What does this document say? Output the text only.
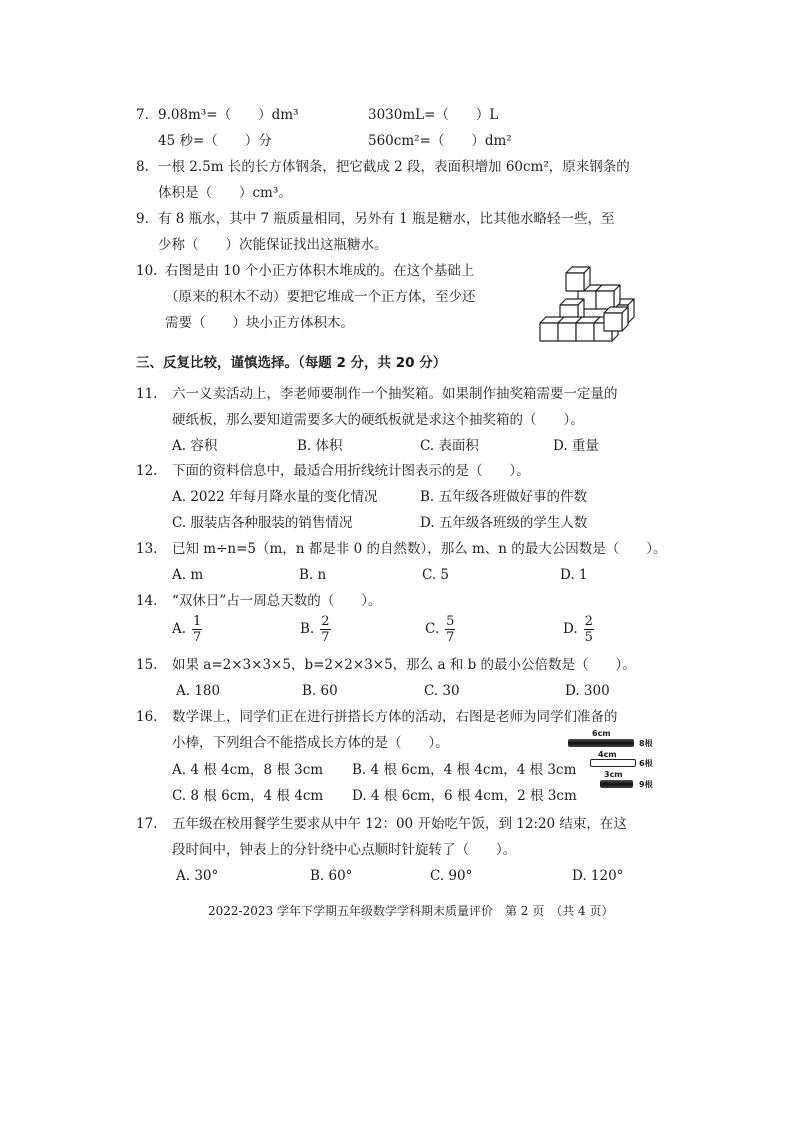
7. 9.08m³=（　　）dm³	3030mL=（　　）L
45 秒=（　　）分	560cm²=（　　）dm²
8. 一根 2.5m 长的长方体钢条，把它截成 2 段，表面积增加 60cm²，原来钢条的
体积是（　　）cm³。
9. 有 8 瓶水，其中 7 瓶质量相同，另外有 1 瓶是糖水，比其他水略轻一些，至
少称（　　）次能保证找出这瓶糖水。
10. 右图是由 10 个小正方体积木堆成的。在这个基础上
（原来的积木不动）要把它堆成一个正方体，至少还
需要（　　）块小正方体积木。
三、反复比较，谨慎选择。（每题 2 分，共 20 分）
11. 六一义卖活动上，李老师要制作一个抽奖箱。如果制作抽奖箱需要一定量的
硬纸板，那么要知道需要多大的硬纸板就是求这个抽奖箱的（　　）。
A. 容积	B. 体积	C. 表面积	D. 重量
12. 下面的资料信息中，最适合用折线统计图表示的是（　　）。
A. 2022 年每月降水量的变化情况	B. 五年级各班做好事的件数
C. 服装店各种服装的销售情况	D. 五年级各班级的学生人数
13. 已知 m÷n=5（m，n 都是非 0 的自然数），那么 m、n 的最大公因数是（　　）。
A. m	B. n	C. 5	D. 1
14. “双休日”占一周总天数的（　　）。
A. $\frac{1}{7}$	B. $\frac{2}{7}$	C. $\frac{5}{7}$	D. $\frac{2}{5}$
15. 如果 a=2×3×3×5，b=2×2×3×5，那么 a 和 b 的最小公倍数是（　　）。
A. 180	B. 60	C. 30	D. 300
16. 数学课上，同学们正在进行拼搭长方体的活动，右图是老师为同学们准备的
小棒，下列组合不能搭成长方体的是（　　）。
A. 4 根 4cm，8 根 3cm B. 4 根 6cm，4 根 4cm，4 根 3cm
C. 8 根 6cm，4 根 4cm D. 4 根 6cm，6 根 4cm，2 根 3cm
6cm
8根
4cm
6根
3cm
9根
17. 五年级在校用餐学生要求从中午 12：00 开始吃午饭，到 12:20 结束，在这
段时间中，钟表上的分针绕中心点顺时针旋转了（　　）。
A. 30°	B. 60°	C. 90°	D. 120°
2022-2023 学年下学期五年级数学学科期末质量评价　第 2 页　（共 4 页）
